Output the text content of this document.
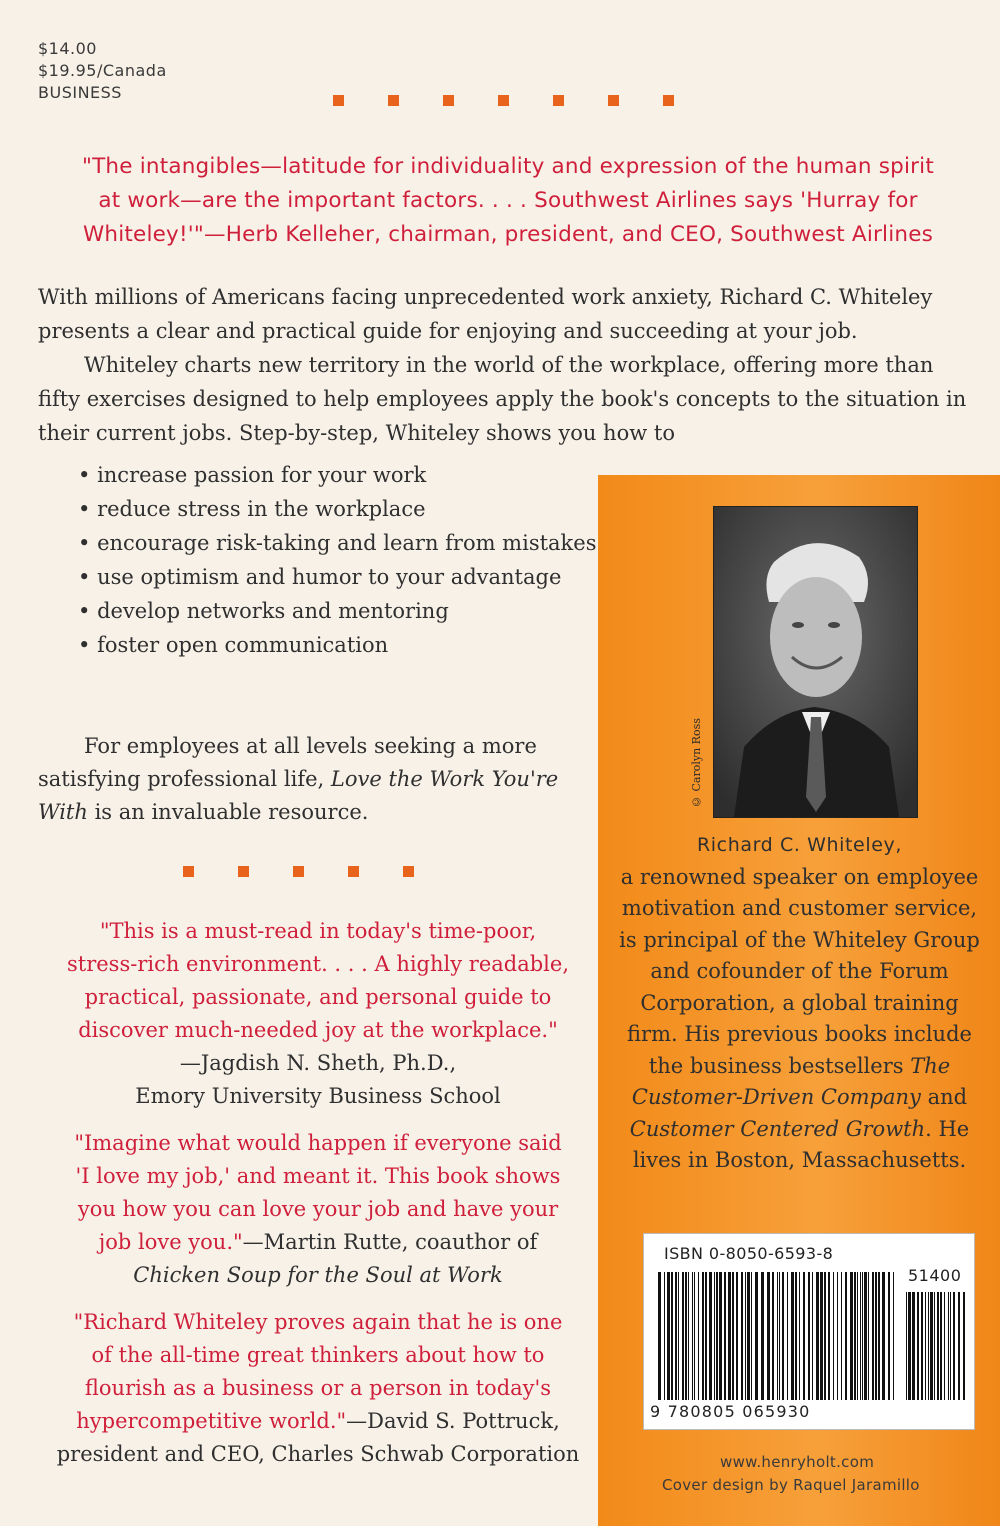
$14.00
$19.95/Canada
BUSINESS
"The intangibles—latitude for individuality and expression of the human spirit
at work—are the important factors. . . . Southwest Airlines says 'Hurray for
Whiteley!'"—Herb Kelleher, chairman, president, and CEO, Southwest Airlines

With millions of Americans facing unprecedented work anxiety, Richard C. Whiteley presents a clear and practical guide for enjoying and succeeding at your job.

Whiteley charts new territory in the world of the workplace, offering more than fifty exercises designed to help employees apply the book's concepts to the situation in their current jobs. Step-by-step, Whiteley shows you how to

• increase passion for your work
• reduce stress in the workplace
• encourage risk-taking and learn from mistakes
• use optimism and humor to your advantage
• develop networks and mentoring
• foster open communication

For employees at all levels seeking a more satisfying professional life, Love the Work You're With is an invaluable resource.

"This is a must-read in today's time-poor,
stress-rich environment. . . . A highly readable,
practical, passionate, and personal guide to
discover much-needed joy at the workplace."
—Jagdish N. Sheth, Ph.D.,
Emory University Business School
"Imagine what would happen if everyone said
'I love my job,' and meant it. This book shows
you how you can love your job and have your
job love you."—Martin Rutte, coauthor of
Chicken Soup for the Soul at Work
"Richard Whiteley proves again that he is one
of the all-time great thinkers about how to
flourish as a business or a person in today's
hypercompetitive world."—David S. Pottruck,
president and CEO, Charles Schwab Corporation
© Carolyn Ross
Richard C. Whiteley,
a renowned speaker on employee motivation and customer service, is principal of the Whiteley Group and cofounder of the Forum Corporation, a global training firm. His previous books include the business bestsellers The Customer-Driven Company and Customer Centered Growth. He lives in Boston, Massachusetts.
ISBN 0-8050-6593-8
51400
9 780805 065930
www.henryholt.com
Cover design by Raquel Jaramillo
